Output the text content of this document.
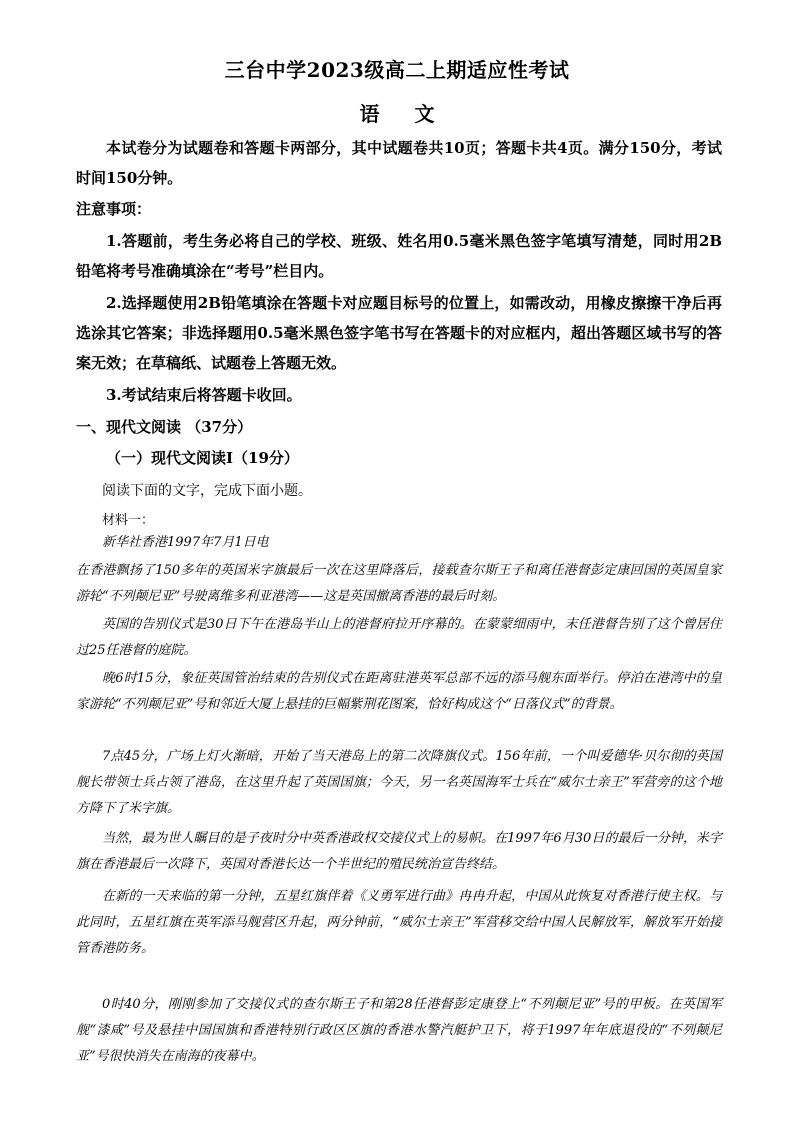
三台中学2023级高二上期适应性考试
语 文

本试卷分为试题卷和答题卡两部分，其中试题卷共10页；答题卡共4页。满分150分，考试时间150分钟。

注意事项：

1.答题前，考生务必将自己的学校、班级、姓名用0.5毫米黑色签字笔填写清楚，同时用2B铅笔将考号准确填涂在“考号”栏目内。

2.选择题使用2B铅笔填涂在答题卡对应题目标号的位置上，如需改动，用橡皮擦擦干净后再选涂其它答案；非选择题用0.5毫米黑色签字笔书写在答题卡的对应框内，超出答题区域书写的答案无效；在草稿纸、试题卷上答题无效。

3.考试结束后将答题卡收回。

一、现代文阅读 （37分）
（一）现代文阅读Ⅰ（19分）
阅读下面的文字，完成下面小题。
材料一：
新华社香港1997年7月1日电

在香港飘扬了150多年的英国米字旗最后一次在这里降落后，接载查尔斯王子和离任港督彭定康回国的英国皇家游轮“不列颠尼亚”号驶离维多利亚港湾——这是英国撤离香港的最后时刻。

英国的告别仪式是30日下午在港岛半山上的港督府拉开序幕的。在蒙蒙细雨中，末任港督告别了这个曾居住过25任港督的庭院。

晚6时15分，象征英国管治结束的告别仪式在距离驻港英军总部不远的添马舰东面举行。停泊在港湾中的皇家游轮“不列颠尼亚”号和邻近大厦上悬挂的巨幅紫荆花图案，恰好构成这个“日落仪式”的背景。

7点45分，广场上灯火渐暗，开始了当天港岛上的第二次降旗仪式。156年前，一个叫爱德华·贝尔彻的英国舰长带领士兵占领了港岛，在这里升起了英国国旗；今天，另一名英国海军士兵在“威尔士亲王”军营旁的这个地方降下了米字旗。

当然，最为世人瞩目的是子夜时分中英香港政权交接仪式上的易帜。在1997年6月30日的最后一分钟，米字旗在香港最后一次降下，英国对香港长达一个半世纪的殖民统治宣告终结。

在新的一天来临的第一分钟，五星红旗伴着《义勇军进行曲》冉冉升起，中国从此恢复对香港行使主权。与此同时，五星红旗在英军添马舰营区升起，两分钟前，“威尔士亲王”军营移交给中国人民解放军，解放军开始接管香港防务。

0时40分，刚刚参加了交接仪式的查尔斯王子和第28任港督彭定康登上“不列颠尼亚”号的甲板。在英国军舰“漆咸”号及悬挂中国国旗和香港特别行政区区旗的香港水警汽艇护卫下，将于1997年年底退役的“不列颠尼亚”号很快消失在南海的夜幕中。
